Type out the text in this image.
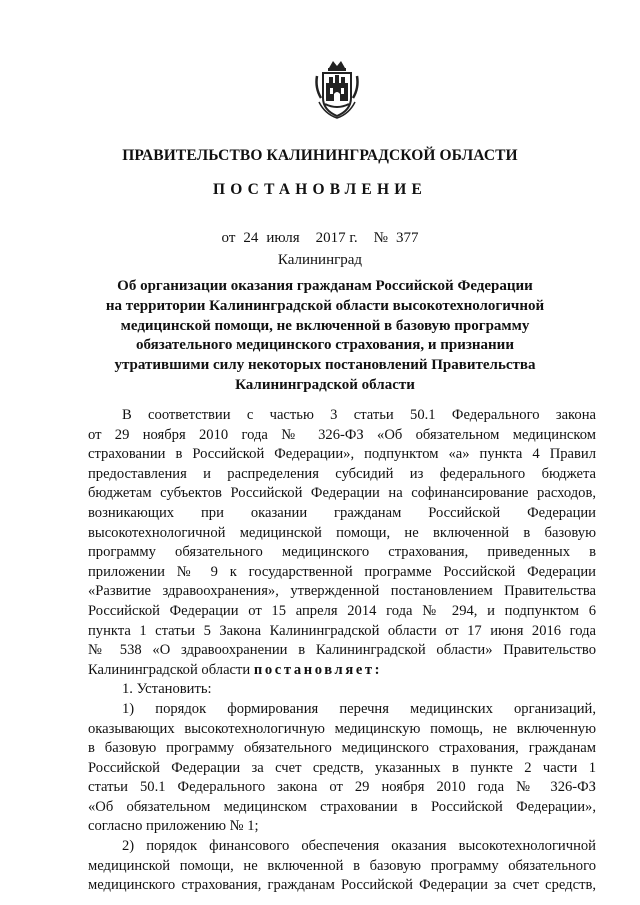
ПРАВИТЕЛЬСТВО КАЛИНИНГРАДСКОЙ ОБЛАСТИ
ПОСТАНОВЛЕНИЕ
от 24 июля 2017 г. № 377
Калининград
Об организации оказания гражданам Российской Федерации
на территории Калининградской области высокотехнологичной
медицинской помощи, не включенной в базовую программу
обязательного медицинского страхования, и признании
утратившими силу некоторых постановлений Правительства
Калининградской области
В соответствии с частью 3 статьи 50.1 Федерального закона
от 29 ноября 2010 года № 326-ФЗ «Об обязательном медицинском
страховании в Российской Федерации», подпунктом «а» пункта 4 Правил
предоставления и распределения субсидий из федерального бюджета
бюджетам субъектов Российской Федерации на софинансирование расходов,
возникающих при оказании гражданам Российской Федерации
высокотехнологичной медицинской помощи, не включенной в базовую
программу обязательного медицинского страхования, приведенных в
приложении № 9 к государственной программе Российской Федерации
«Развитие здравоохранения», утвержденной постановлением Правительства
Российской Федерации от 15 апреля 2014 года № 294, и подпунктом 6
пункта 1 статьи 5 Закона Калининградской области от 17 июня 2016 года
№ 538 «О здравоохранении в Калининградской области» Правительство
Калининградской области постановляет:
1. Установить:
1) порядок формирования перечня медицинских организаций,
оказывающих высокотехнологичную медицинскую помощь, не включенную
в базовую программу обязательного медицинского страхования, гражданам
Российской Федерации за счет средств, указанных в пункте 2 части 1
статьи 50.1 Федерального закона от 29 ноября 2010 года № 326-ФЗ
«Об обязательном медицинском страховании в Российской Федерации»,
согласно приложению № 1;
2) порядок финансового обеспечения оказания высокотехнологичной
медицинской помощи, не включенной в базовую программу обязательного
медицинского страхования, гражданам Российской Федерации за счет средств,
